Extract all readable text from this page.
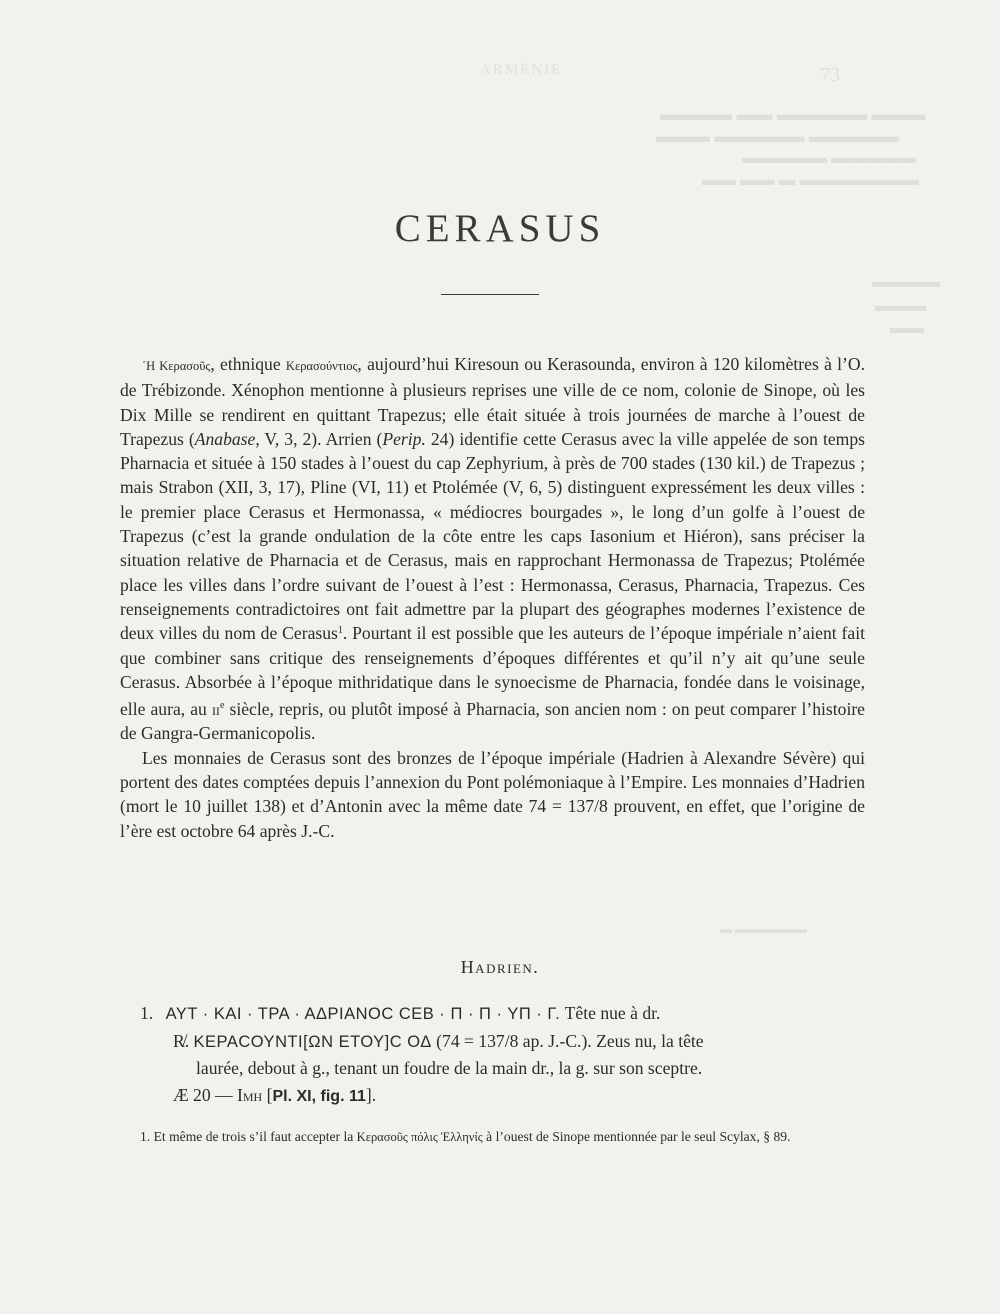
ARMÉNIE	73
▬▬▬▬ ▬▬ ▬▬▬▬▬ ▬▬▬
▬▬▬ ▬▬▬▬▬ ▬▬▬▬▬
▬▬▬▬▬ ▬▬▬▬▬
▬▬ ▬▬ ▬ ▬▬▬▬▬▬▬
▬▬▬▬
▬▬▬
▬▬
▬ ▬▬▬▬▬▬
CERASUS

῾Η Κερασοῦς, ethnique Κερασούντιος, aujourd’hui Kiresoun ou Kerasounda, environ à 120 kilomètres à l’O. de Trébizonde. Xénophon mentionne à plusieurs reprises une ville de ce nom, colonie de Sinope, où les Dix Mille se rendirent en quittant Trapezus; elle était située à trois journées de marche à l’ouest de Trapezus (Anabase, V, 3, 2). Arrien (Perip. 24) identifie cette Cerasus avec la ville appelée de son temps Pharnacia et située à 150 stades à l’ouest du cap Zephyrium, à près de 700 stades (130 kil.) de Trapezus ; mais Strabon (XII, 3, 17), Pline (VI, 11) et Ptolémée (V, 6, 5) distinguent expressément les deux villes : le premier place Cerasus et Hermonassa, « médiocres bourgades », le long d’un golfe à l’ouest de Trapezus (c’est la grande ondulation de la côte entre les caps Iasonium et Hiéron), sans préciser la situation relative de Pharnacia et de Cerasus, mais en rapprochant Hermonassa de Trapezus; Ptolémée place les villes dans l’ordre suivant de l’ouest à l’est : Hermonassa, Cerasus, Pharnacia, Trapezus. Ces renseignements contradictoires ont fait admettre par la plupart des géographes modernes l’existence de deux villes du nom de Cerasus$^1$. Pourtant il est possible que les auteurs de l’époque impériale n’aient fait que combiner sans critique des renseignements d’époques différentes et qu’il n’y ait qu’une seule Cerasus. Absorbée à l’époque mithridatique dans le synoecisme de Pharnacia, fondée dans le voisinage, elle aura, au $ii^e$ siècle, repris, ou plutôt imposé à Pharnacia, son ancien nom : on peut comparer l’histoire de Gangra-Germanicopolis.

Les monnaies de Cerasus sont des bronzes de l’époque impériale (Hadrien à Alexandre Sévère) qui portent des dates comptées depuis l’annexion du Pont polémoniaque à l’Empire. Les monnaies d’Hadrien (mort le 10 juillet 138) et d’Antonin avec la même date 74 = 137/8 prouvent, en effet, que l’origine de l’ère est octobre 64 après J.-C.

Hadrien.
1. ΑΥΤ · ΚΑΙ · ΤΡΑ · ΑΔΡΙΑΝΟϹ ϹΕΒ · Π · Π · ΥΠ · Γ. Tête nue à dr.
R̸. ΚΕΡΑϹΟΥΝΤΙ[ΩΝ ΕΤΟΥ]Ϲ ΟΔ (74 = 137/8 ap. J.-C.). Zeus nu, la tête
laurée, debout à g., tenant un foudre de la main dr., la g. sur son sceptre.
Æ 20 — Imh [Pl. XI, fig. 11].
1. Et même de trois s’il faut accepter la Κερασοῦς πόλις Ἑλληνίς à l’ouest de Sinope mentionnée par le seul Scylax, § 89.
